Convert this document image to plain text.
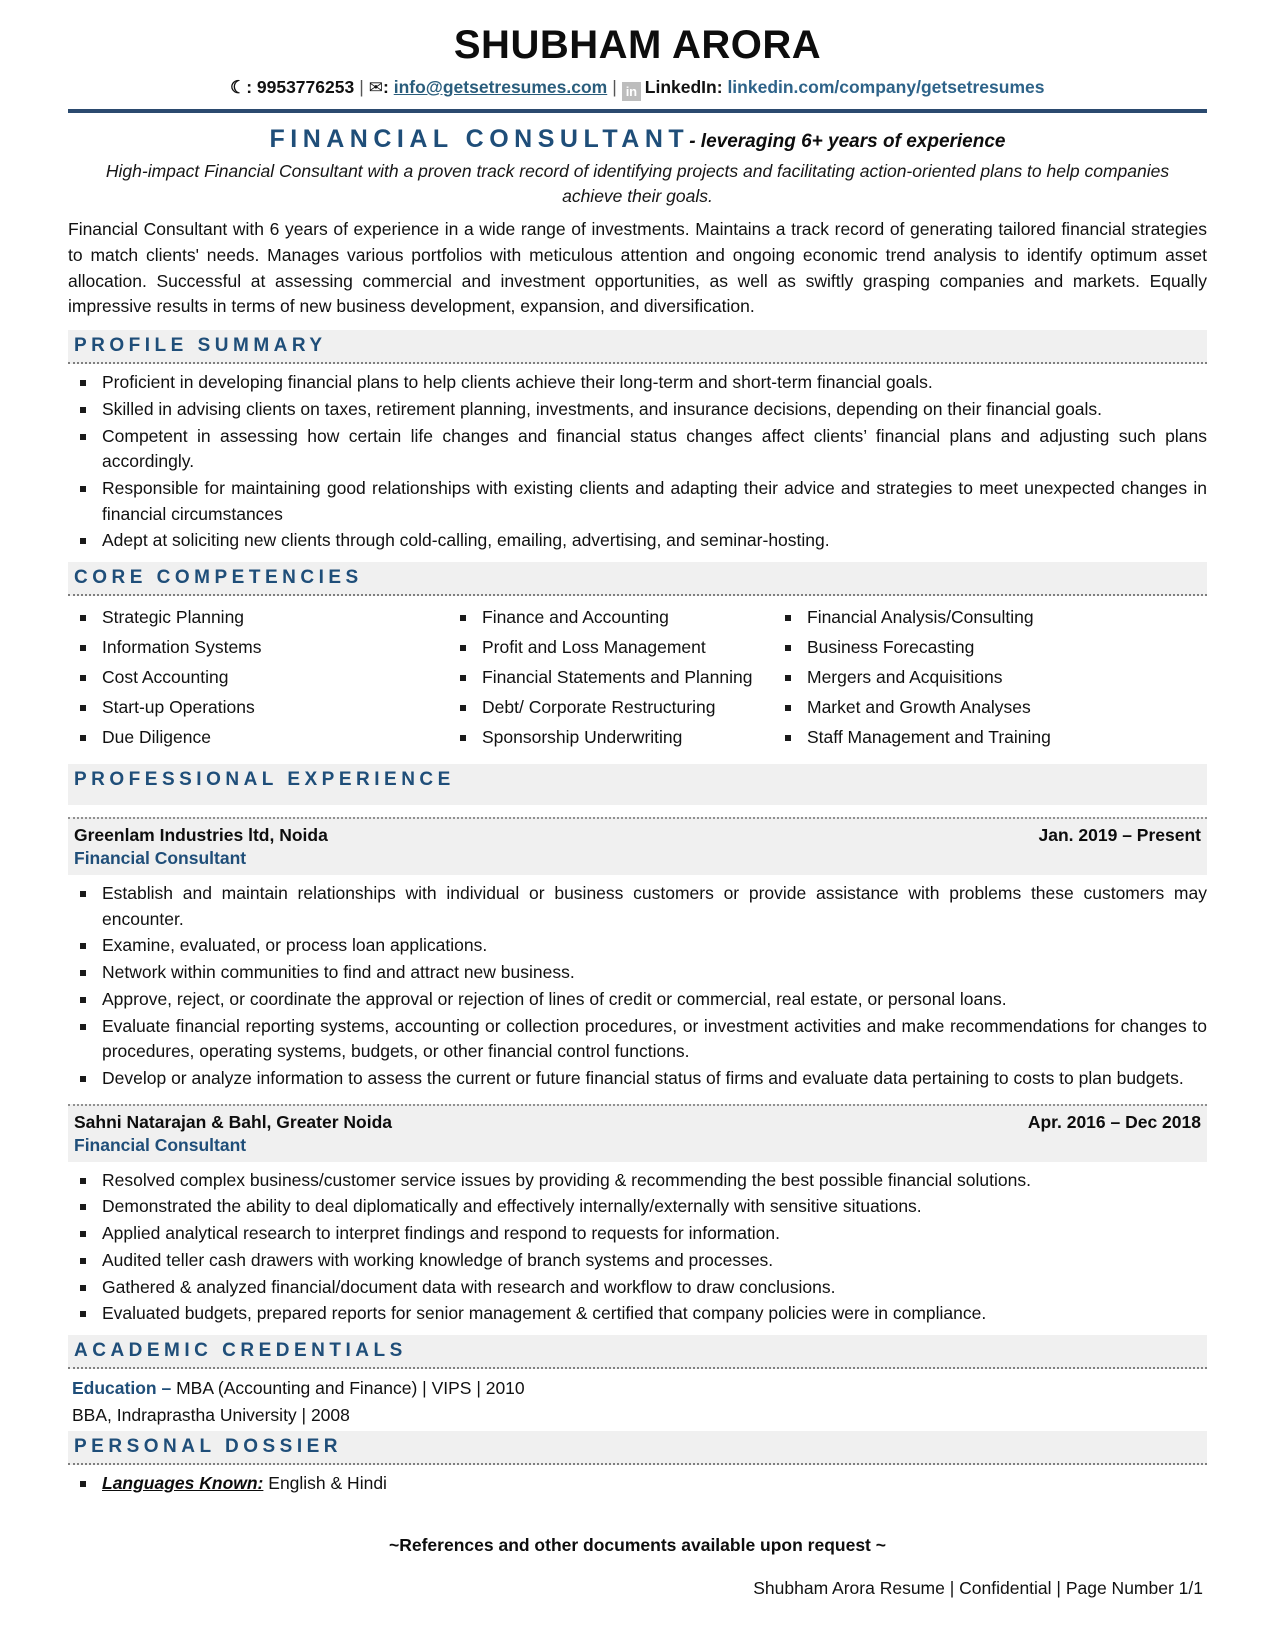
SHUBHAM ARORA
☽: 9953776253 | ✉: info@getsetresumes.com | in LinkedIn: linkedin.com/company/getsetresumes
FINANCIAL CONSULTANT- leveraging 6+ years of experience
High-impact Financial Consultant with a proven track record of identifying projects and facilitating action-oriented plans to help companies achieve their goals.

Financial Consultant with 6 years of experience in a wide range of investments. Maintains a track record of generating tailored financial strategies to match clients' needs. Manages various portfolios with meticulous attention and ongoing economic trend analysis to identify optimum asset allocation. Successful at assessing commercial and investment opportunities, as well as swiftly grasping companies and markets. Equally impressive results in terms of new business development, expansion, and diversification.

PROFILE SUMMARY
Proficient in developing financial plans to help clients achieve their long-term and short-term financial goals.
Skilled in advising clients on taxes, retirement planning, investments, and insurance decisions, depending on their financial goals.
Competent in assessing how certain life changes and financial status changes affect clients’ financial plans and adjusting such plans accordingly.
Responsible for maintaining good relationships with existing clients and adapting their advice and strategies to meet unexpected changes in financial circumstances
Adept at soliciting new clients through cold-calling, emailing, advertising, and seminar-hosting.
CORE COMPETENCIES
Strategic Planning
Information Systems
Cost Accounting
Start-up Operations
Due Diligence
Finance and Accounting
Profit and Loss Management
Financial Statements and Planning
Debt/ Corporate Restructuring
Sponsorship Underwriting
Financial Analysis/Consulting
Business Forecasting
Mergers and Acquisitions
Market and Growth Analyses
Staff Management and Training
PROFESSIONAL EXPERIENCE
Greenlam Industries ltd, Noida	Jan. 2019 – Present
Financial Consultant
Establish and maintain relationships with individual or business customers or provide assistance with problems these customers may encounter.
Examine, evaluated, or process loan applications.
Network within communities to find and attract new business.
Approve, reject, or coordinate the approval or rejection of lines of credit or commercial, real estate, or personal loans.
Evaluate financial reporting systems, accounting or collection procedures, or investment activities and make recommendations for changes to procedures, operating systems, budgets, or other financial control functions.
Develop or analyze information to assess the current or future financial status of firms and evaluate data pertaining to costs to plan budgets.
Sahni Natarajan & Bahl, Greater Noida	Apr. 2016 – Dec 2018
Financial Consultant
Resolved complex business/customer service issues by providing & recommending the best possible financial solutions.
Demonstrated the ability to deal diplomatically and effectively internally/externally with sensitive situations.
Applied analytical research to interpret findings and respond to requests for information.
Audited teller cash drawers with working knowledge of branch systems and processes.
Gathered & analyzed financial/document data with research and workflow to draw conclusions.
Evaluated budgets, prepared reports for senior management & certified that company policies were in compliance.
ACADEMIC CREDENTIALS
Education – MBA (Accounting and Finance) | VIPS | 2010
BBA, Indraprastha University | 2008
PERSONAL DOSSIER
Languages Known: English & Hindi
~References and other documents available upon request ~
Shubham Arora Resume | Confidential | Page Number 1/1
